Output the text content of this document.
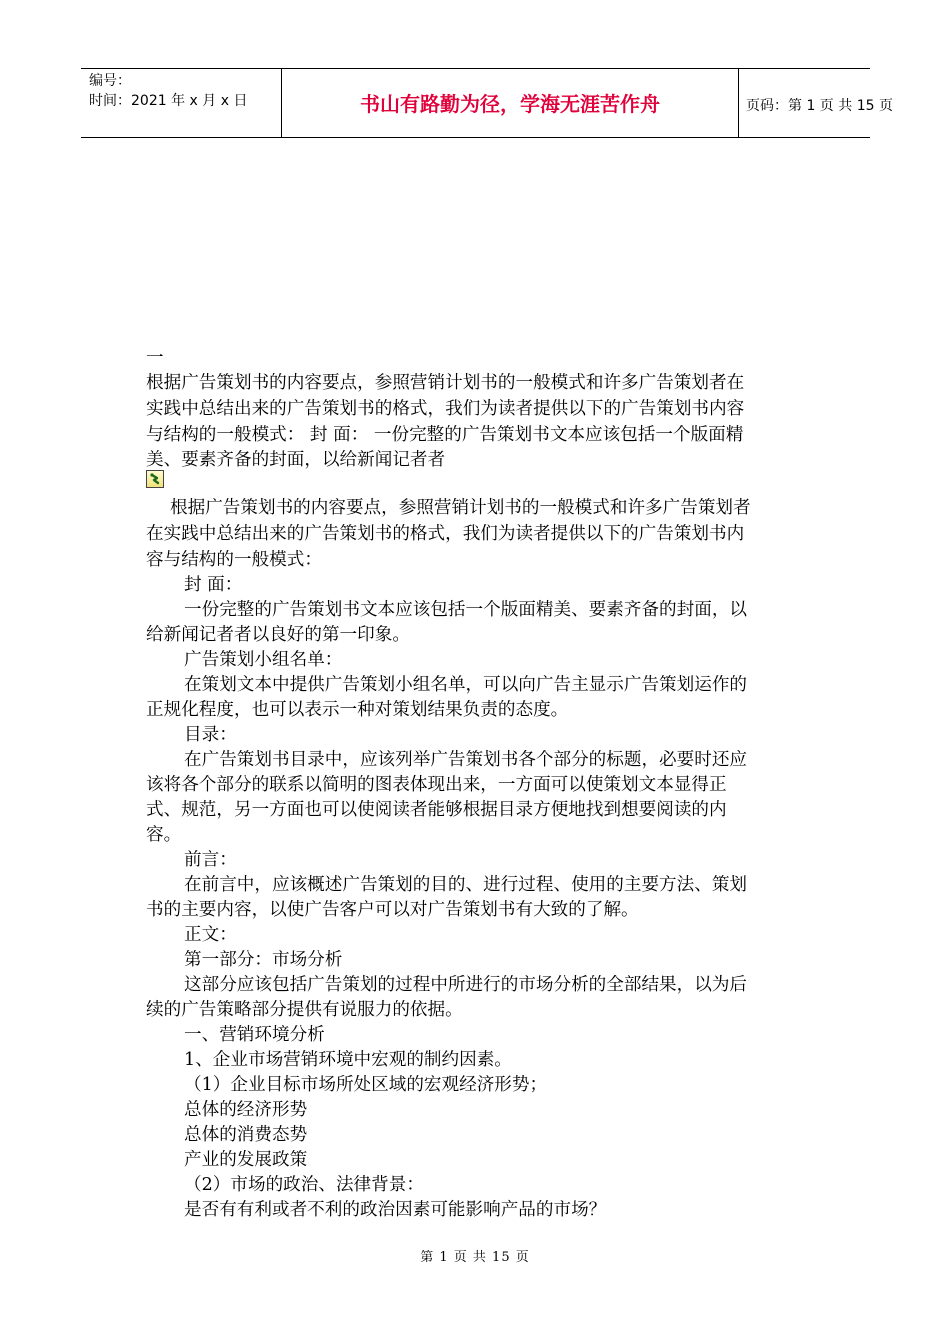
编号：
时间：2021 年 x 月 x 日	书山有路勤为径，学海无涯苦作舟	页码：第 1 页 共 15 页
一
根据广告策划书的内容要点，参照营销计划书的一般模式和许多广告策划者在
实践中总结出来的广告策划书的格式，我们为读者提供以下的广告策划书内容
与结构的一般模式： 封 面： 一份完整的广告策划书文本应该包括一个版面精
美、要素齐备的封面，以给新闻记者者
根据广告策划书的内容要点，参照营销计划书的一般模式和许多广告策划者
在实践中总结出来的广告策划书的格式，我们为读者提供以下的广告策划书内
容与结构的一般模式：
封 面：
一份完整的广告策划书文本应该包括一个版面精美、要素齐备的封面，以
给新闻记者者以良好的第一印象。
广告策划小组名单：
在策划文本中提供广告策划小组名单，可以向广告主显示广告策划运作的
正规化程度，也可以表示一种对策划结果负责的态度。
目录：
在广告策划书目录中，应该列举广告策划书各个部分的标题，必要时还应
该将各个部分的联系以简明的图表体现出来，一方面可以使策划文本显得正
式、规范，另一方面也可以使阅读者能够根据目录方便地找到想要阅读的内
容。
前言：
在前言中，应该概述广告策划的目的、进行过程、使用的主要方法、策划
书的主要内容，以使广告客户可以对广告策划书有大致的了解。
正文：
第一部分：市场分析
这部分应该包括广告策划的过程中所进行的市场分析的全部结果，以为后
续的广告策略部分提供有说服力的依据。
一、营销环境分析
1、企业市场营销环境中宏观的制约因素。
（1）企业目标市场所处区域的宏观经济形势；
总体的经济形势
总体的消费态势
产业的发展政策
（2）市场的政治、法律背景：
是否有有利或者不利的政治因素可能影响产品的市场？
第 1 页 共 15 页
